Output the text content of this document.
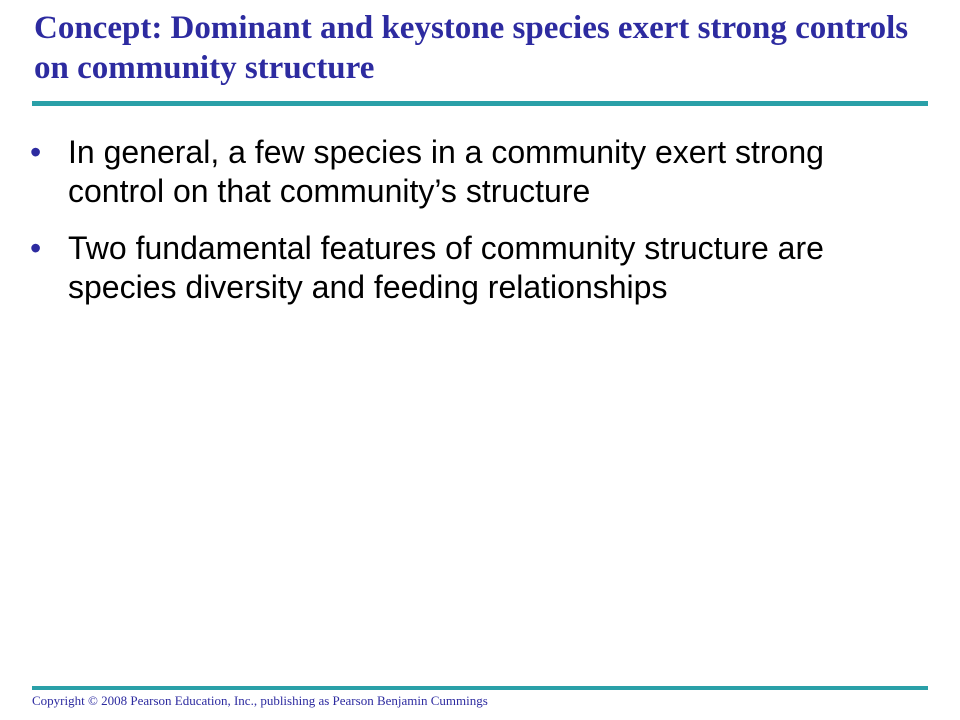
Concept: Dominant and keystone species exert strong controls on community structure
• In general, a few species in a community exert strong control on that community’s structure
• Two fundamental features of community structure are species diversity and feeding relationships
Copyright © 2008 Pearson Education, Inc., publishing as Pearson Benjamin Cummings
